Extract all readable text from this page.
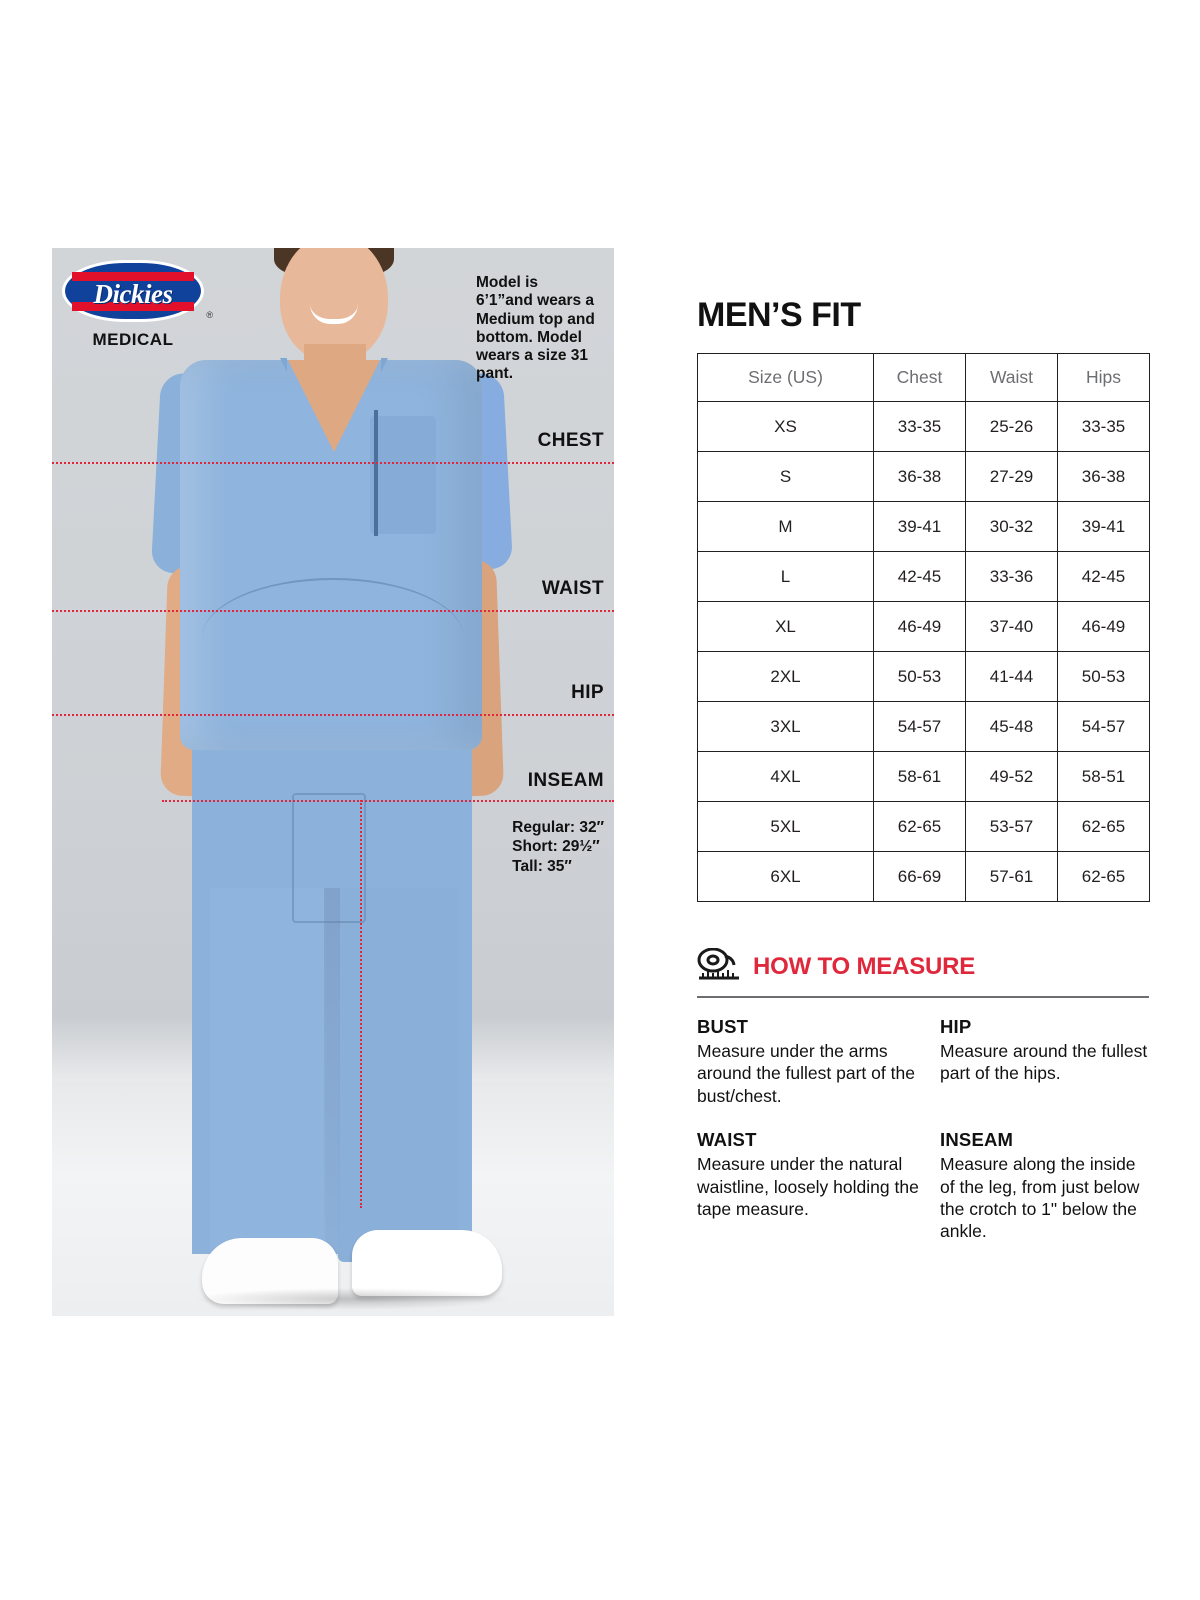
Dickies
®
MEDICAL
Model is 6’1”and wears a Medium top and bottom. Model wears a size 31 pant.
CHEST
WAIST
HIP
INSEAM
Regular: 32″
Short: 29½″
Tall: 35″
MEN’S FIT
Size (US)	Chest	Waist	Hips
XS	33-35	25-26	33-35
S	36-38	27-29	36-38
M	39-41	30-32	39-41
L	42-45	33-36	42-45
XL	46-49	37-40	46-49
2XL	50-53	41-44	50-53
3XL	54-57	45-48	54-57
4XL	58-61	49-52	58-51
5XL	62-65	53-57	62-65
6XL	66-69	57-61	62-65
HOW TO MEASURE
BUST

Measure under the arms around the fullest part of the bust/chest.

HIP

Measure around the fullest part of the hips.

WAIST

Measure under the natural waistline, loosely holding the tape measure.

INSEAM

Measure along the inside of the leg, from just below the crotch to 1" below the ankle.
